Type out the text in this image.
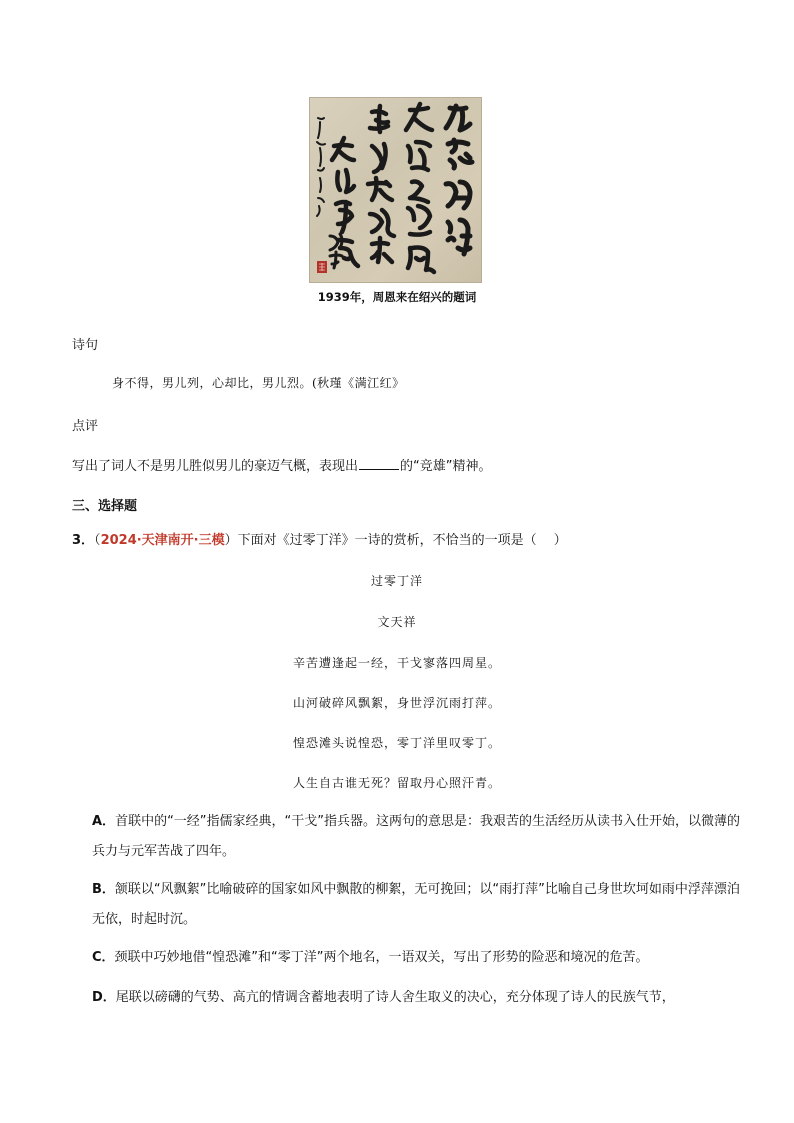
1939年，周恩来在绍兴的题词
诗句
身不得，男儿列，心却比，男儿烈。(秋瑾《满江红》
点评
写出了词人不是男儿胜似男儿的豪迈气概，表现出	的“竞雄”精神。
三、选择题
3．（2024·天津南开·三模）下面对《过零丁洋》一诗的赏析，不恰当的一项是（　 ）
过零丁洋
文天祥
辛苦遭逢起一经，干戈寥落四周星。
山河破碎风飘絮，身世浮沉雨打萍。
惶恐滩头说惶恐，零丁洋里叹零丁。
人生自古谁无死？留取丹心照汗青。
A．首联中的“一经”指儒家经典，“干戈”指兵器。这两句的意思是：我艰苦的生活经历从读书入仕开始，以微薄的兵力与元军苦战了四年。
B．颔联以“风飘絮”比喻破碎的国家如风中飘散的柳絮，无可挽回；以“雨打萍”比喻自己身世坎坷如雨中浮萍漂泊无依，时起时沉。
C．颈联中巧妙地借“惶恐滩”和“零丁洋”两个地名，一语双关，写出了形势的险恶和境况的危苦。
D．尾联以磅礴的气势、高亢的情调含蓄地表明了诗人舍生取义的决心，充分体现了诗人的民族气节，
